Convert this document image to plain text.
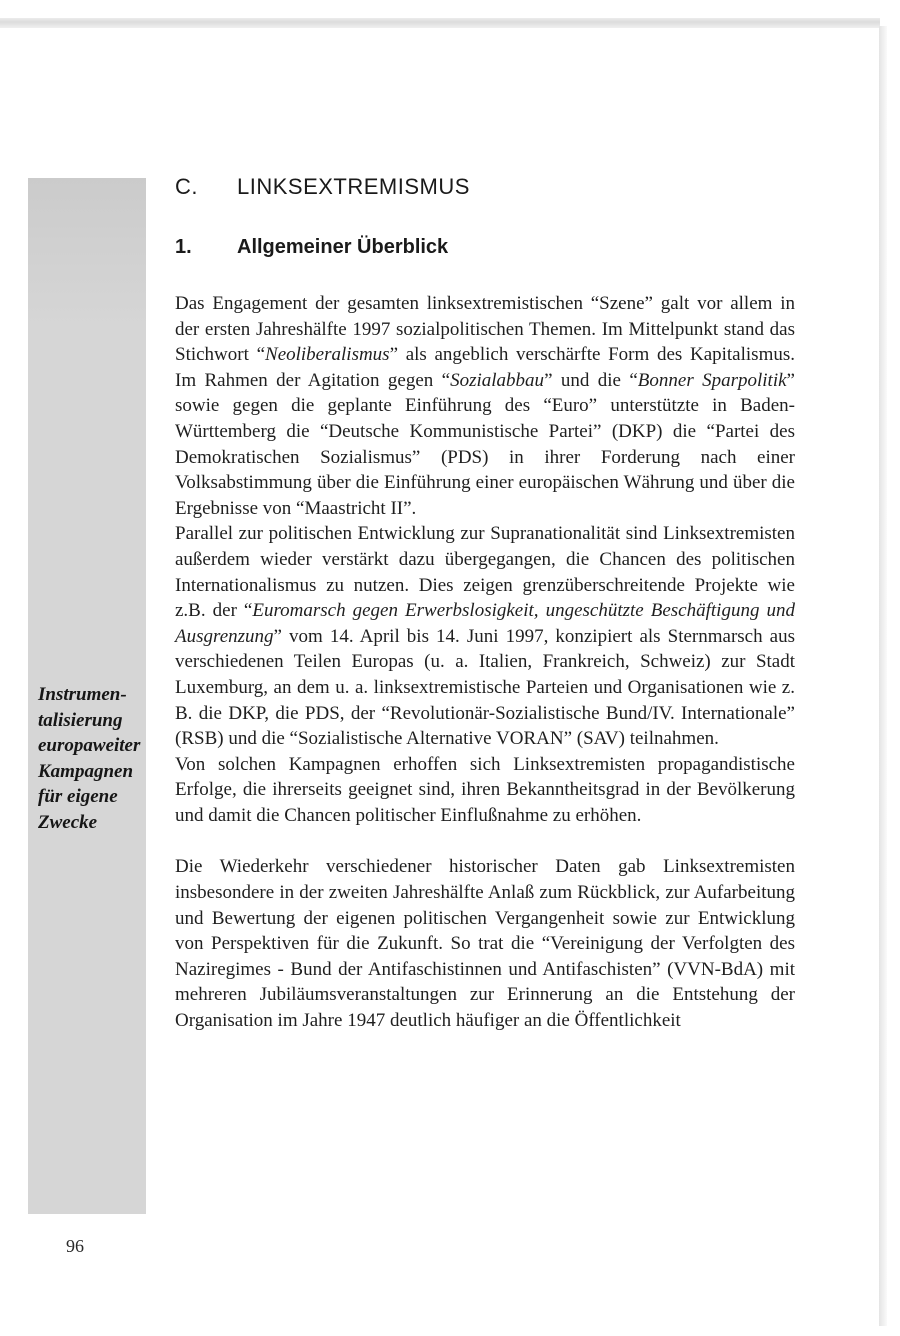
Instrumen-
talisierung
europaweiter
Kampagnen
für eigene
Zwecke
C. LINKSEXTREMISMUS
1. Allgemeiner Überblick

Das Engagement der gesamten linksextremistischen “Szene” galt vor allem in der ersten Jahreshälfte 1997 sozialpolitischen Themen. Im Mittelpunkt stand das Stichwort “Neoliberalismus” als angeblich verschärfte Form des Kapitalismus. Im Rahmen der Agitation gegen “Sozialabbau” und die “Bonner Sparpolitik” sowie gegen die geplante Einführung des “Euro” unterstützte in Baden-Württemberg die “Deutsche Kommunistische Partei” (DKP) die “Partei des Demokratischen Sozialismus” (PDS) in ihrer Forderung nach einer Volksabstimmung über die Einführung einer europäischen Währung und über die Ergebnisse von “Maastricht II”.

Parallel zur politischen Entwicklung zur Supranationalität sind Linksextremisten außerdem wieder verstärkt dazu übergegangen, die Chancen des politischen Internationalismus zu nutzen. Dies zeigen grenzüberschreitende Projekte wie z.B. der “Euromarsch gegen Erwerbslosigkeit, ungeschützte Beschäftigung und Ausgrenzung” vom 14. April bis 14. Juni 1997, konzipiert als Sternmarsch aus verschiedenen Teilen Europas (u. a. Italien, Frankreich, Schweiz) zur Stadt Luxemburg, an dem u. a. linksextremistische Parteien und Organisationen wie z. B. die DKP, die PDS, der “Revolutionär-Sozialistische Bund/IV. Internationale” (RSB) und die “Sozialistische Alternative VORAN” (SAV) teilnahmen.

Von solchen Kampagnen erhoffen sich Linksextremisten propagandistische Erfolge, die ihrerseits geeignet sind, ihren Bekanntheitsgrad in der Bevölkerung und damit die Chancen politischer Einflußnahme zu erhöhen.

Die Wiederkehr verschiedener historischer Daten gab Linksextremisten insbesondere in der zweiten Jahreshälfte Anlaß zum Rückblick, zur Aufarbeitung und Bewertung der eigenen politischen Vergangenheit sowie zur Entwicklung von Perspektiven für die Zukunft. So trat die “Vereinigung der Verfolgten des Naziregimes - Bund der Antifaschistinnen und Antifaschisten” (VVN-BdA) mit mehreren Jubiläumsveranstaltungen zur Erinnerung an die Entstehung der Organisation im Jahre 1947 deutlich häufiger an die Öffentlichkeit

96
